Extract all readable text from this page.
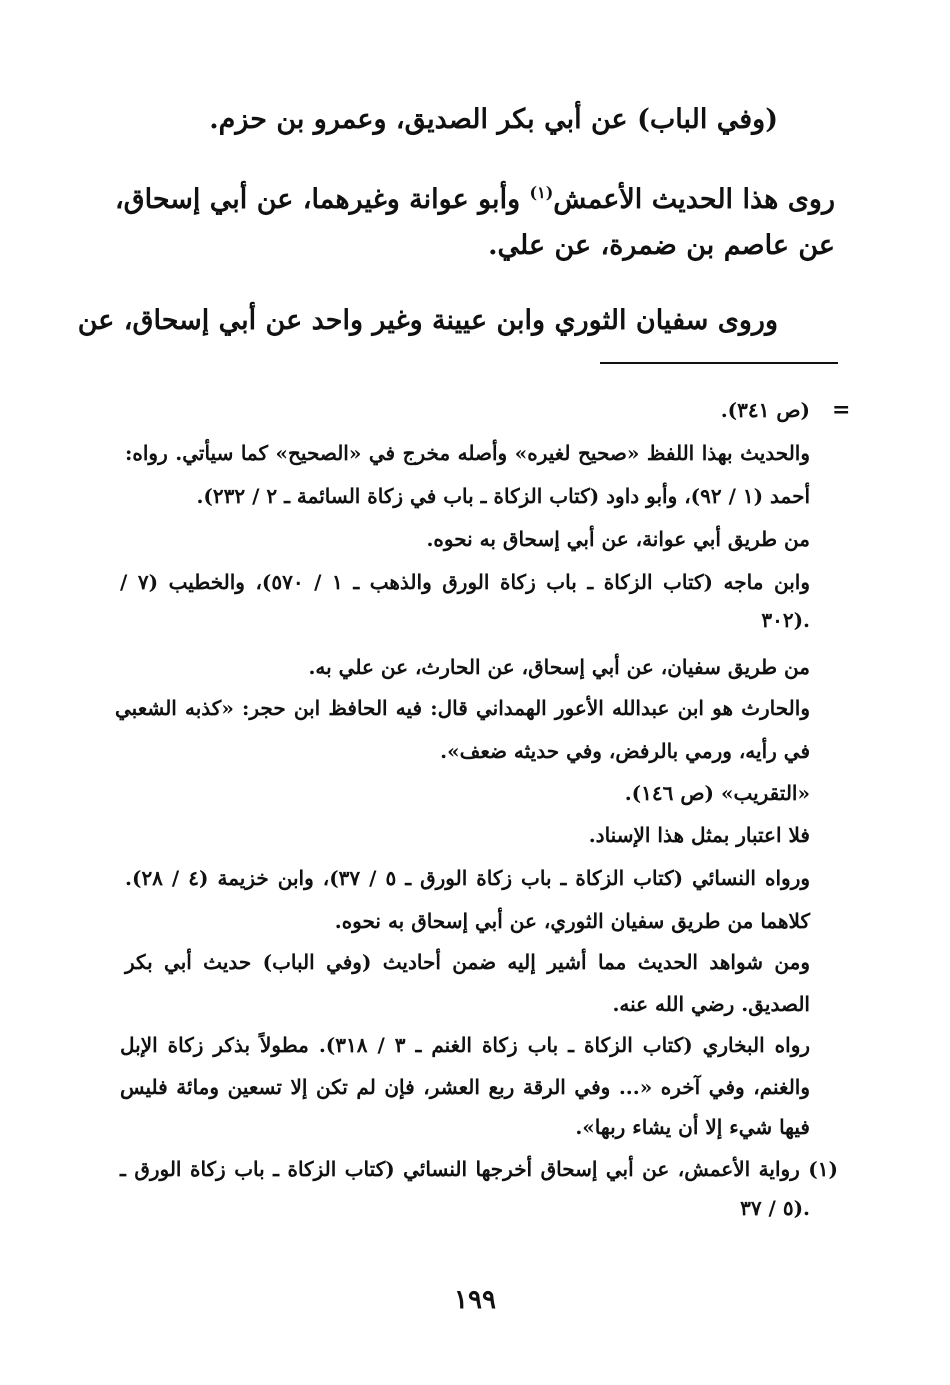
(وفي الباب) عن أبي بكر الصديق، وعمرو بن حزم.
روى هذا الحديث الأعمش$^{(١)}$ وأبو عوانة وغيرهما، عن أبي إسحاق،
عن عاصم بن ضمرة، عن علي.
وروى سفيان الثوري وابن عيينة وغير واحد عن أبي إسحاق، عن
=
(ص ٣٤١).
والحديث بهذا اللفظ «صحيح لغيره» وأصله مخرج في «الصحيح» كما سيأتي. رواه:
أحمد (١ / ٩٢)، وأبو داود (كتاب الزكاة ـ باب في زكاة السائمة ـ ٢ / ٢٣٢).
من طريق أبي عوانة، عن أبي إسحاق به نحوه.
وابن ماجه (كتاب الزكاة ـ باب زكاة الورق والذهب ـ ١ / ٥٧٠)، والخطيب (٧ /
٣٠٢).
من طريق سفيان، عن أبي إسحاق، عن الحارث، عن علي به.
والحارث هو ابن عبدالله الأعور الهمداني قال: فيه الحافظ ابن حجر: «كذبه الشعبي
في رأيه، ورمي بالرفض، وفي حديثه ضعف».
«التقريب» (ص ١٤٦).
فلا اعتبار بمثل هذا الإسناد.
ورواه النسائي (كتاب الزكاة ـ باب زكاة الورق ـ ٥ / ٣٧)، وابن خزيمة (٤ / ٢٨).
كلاهما من طريق سفيان الثوري، عن أبي إسحاق به نحوه.
ومن شواهد الحديث مما أشير إليه ضمن أحاديث (وفي الباب) حديث أبي بكر
الصديق. رضي الله عنه.
رواه البخاري (كتاب الزكاة ـ باب زكاة الغنم ـ ٣ / ٣١٨). مطولاً بذكر زكاة الإبل
والغنم، وفي آخره «... وفي الرقة ربع العشر، فإن لم تكن إلا تسعين ومائة فليس
فيها شيء إلا أن يشاء ربها».
(١) رواية الأعمش، عن أبي إسحاق أخرجها النسائي (كتاب الزكاة ـ باب زكاة الورق ـ
٥ / ٣٧).
١٩٩
